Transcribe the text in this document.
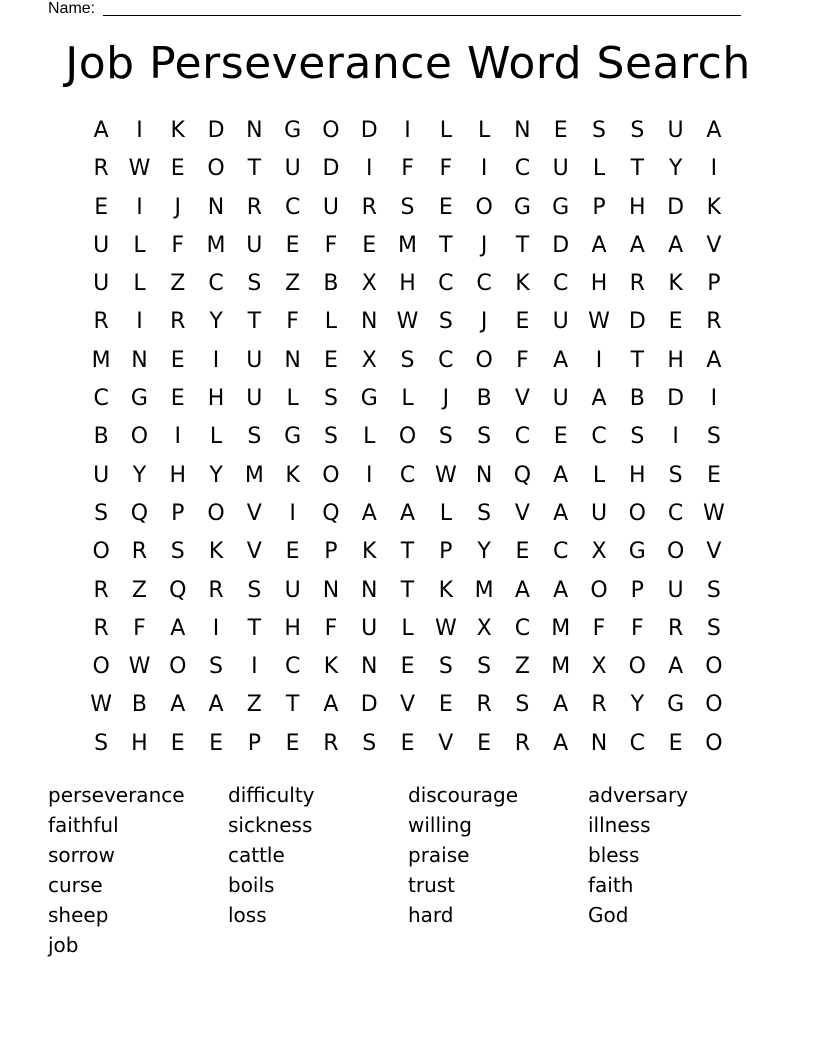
Name:
Job Perseverance Word Search
A	I	K	D N G O D	I	L	L	N	E	S	S	U	A
R W E	O	T	U D	I	F	F	I	C	U	L	T	Y	I
E	I	J	N	R	C	U	R	S	E	O G G	P	H D	K
U	L	F	M U	E	F	E M	T	J	T	D	A	A	A	V
U	L	Z	C	S	Z	B	X	H	C	C	K	C	H	R	K	P
R	I	R	Y	T	F	L	N W S	J	E	U W D	E	R
M N	E	I	U	N	E	X	S	C O	F	A	I	T	H	A
C	G	E	H U	L	S	G	L	J	B	V	U	A	B	D	I
B	O	I	L	S	G	S	L	O	S	S	C	E	C	S	I	S
U	Y	H	Y	M K	O	I	C W N Q	A	L	H	S	E
S	Q	P	O	V	I	Q	A	A	L	S	V	A	U O C W
O R	S	K	V	E	P	K	T	P	Y	E	C	X	G O	V
R	Z	Q R	S	U	N N	T	K M A	A	O	P	U	S
R	F	A	I	T	H	F	U	L W X	C M	F	F	R	S
O W O	S	I	C	K	N	E	S	S	Z M X	O	A	O
W B	A	A	Z	T	A	D	V	E	R	S	A	R	Y	G O
S	H	E	E	P	E	R	S	E	V	E	R	A	N	C	E	O
perseverance	difficulty	discourage	adversary
faithful	sickness	willing	illness
sorrow	cattle	praise	bless
curse	boils	trust	faith
sheep	loss	hard	God
job
